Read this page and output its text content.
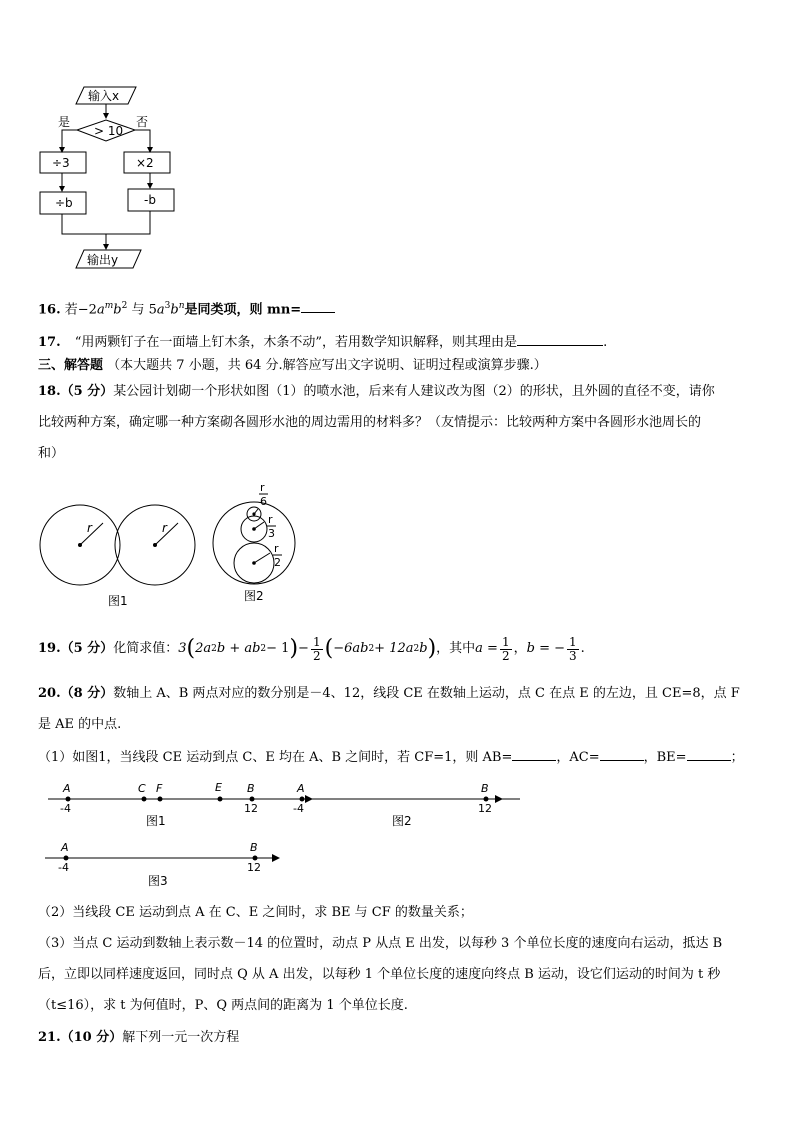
输入x
> 10
是	否
÷3	×2
÷b	-b
输出y
16. 若$-2a^mb^2$ 与 $5a^3b^n$是同类项，则 mn=
17. “用两颗钉子在一面墙上钉木条，木条不动”，若用数学知识解释，则其理由是	.
三、解答题 （本大题共 7 小题，共 64 分.解答应写出文字说明、证明过程或演算步骤.）
18.（5 分）某公园计划砌一个形状如图（1）的喷水池，后来有人建议改为图（2）的形状，且外圆的直径不变，请你
比较两种方案，确定哪一种方案砌各圆形水池的周边需用的材料多？（友情提示：比较两种方案中各圆形水池周长的
和）
r	r
图1	图2
r
6
r
3
r
2
19.（5 分） 化简求值： 3 ( 2a 2 b + ab 2 − 1 ) − $\frac{1}{2}$ ( −6ab 2 + 12a 2 b ) ，其中 $a = \frac{1}{2}$ ， b = − $\frac{1}{3}$ .
20.（8 分）数轴上 A、B 两点对应的数分别是－4、12，线段 CE 在数轴上运动，点 C 在点 E 的左边，且 CE=8，点 F
是 AE 的中点.
（1）如图1，当线段 CE 运动到点 C、E 均在 A、B 之间时，若 CF=1，则 AB=	，AC=	，BE=	；
A	C F	E B
-4	12
图1
A	B
-4	12
图2
A	B
-4	12
图3
（2）当线段 CE 运动到点 A 在 C、E 之间时，求 BE 与 CF 的数量关系；
（3）当点 C 运动到数轴上表示数－14 的位置时，动点 P 从点 E 出发，以每秒 3 个单位长度的速度向右运动，抵达 B
后，立即以同样速度返回，同时点 Q 从 A 出发，以每秒 1 个单位长度的速度向终点 B 运动，设它们运动的时间为 t 秒
（t≤16），求 t 为何值时，P、Q 两点间的距离为 1 个单位长度.
21.（10 分）解下列一元一次方程
